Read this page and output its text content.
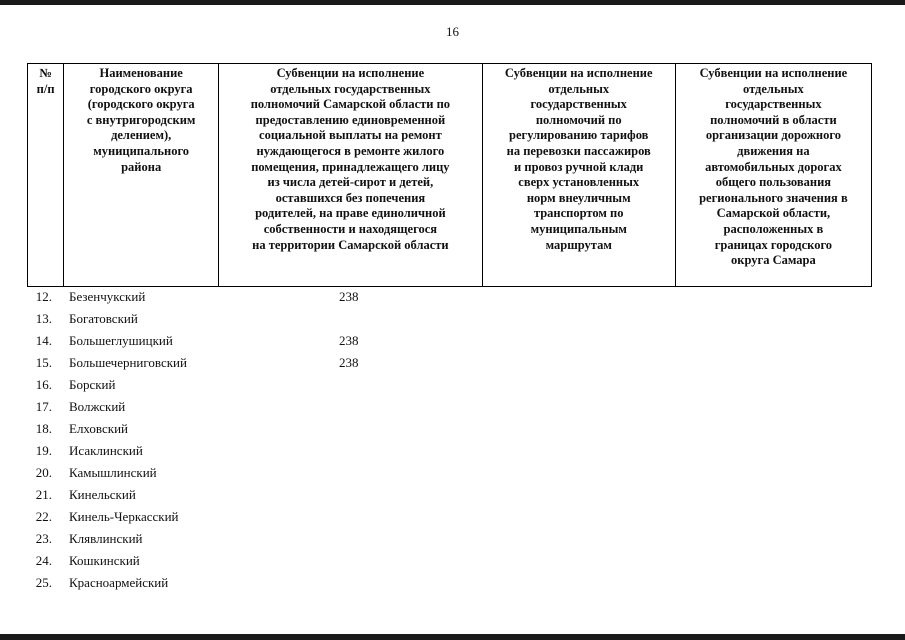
16
№
п/п	Наименование
городского округа
(городского округа
с внутригородским
делением),
муниципального
района	Субвенции на исполнение
отдельных государственных
полномочий Самарской области по
предоставлению единовременной
социальной выплаты на ремонт
нуждающегося в ремонте жилого
помещения, принадлежащего лицу
из числа детей-сирот и детей,
оставшихся без попечения
родителей, на праве единоличной
собственности и находящегося
на территории Самарской области	Субвенции на исполнение
отдельных
государственных
полномочий по
регулированию тарифов
на перевозки пассажиров
и провоз ручной клади
сверх установленных
норм внеуличным
транспортом по
муниципальным
маршрутам	Субвенции на исполнение
отдельных
государственных
полномочий в области
организации дорожного
движения на
автомобильных дорогах
общего пользования
регионального значения в
Самарской области,
расположенных в
границах городского
округа Самара
12. Безенчукский	238
13. Богатовский
14. Большеглушицкий	238
15. Большечерниговский	238
16. Борский
17. Волжский
18. Елховский
19. Исаклинский
20. Камышлинский
21. Кинельский
22. Кинель-Черкасский
23. Клявлинский
24. Кошкинский
25. Красноармейский
